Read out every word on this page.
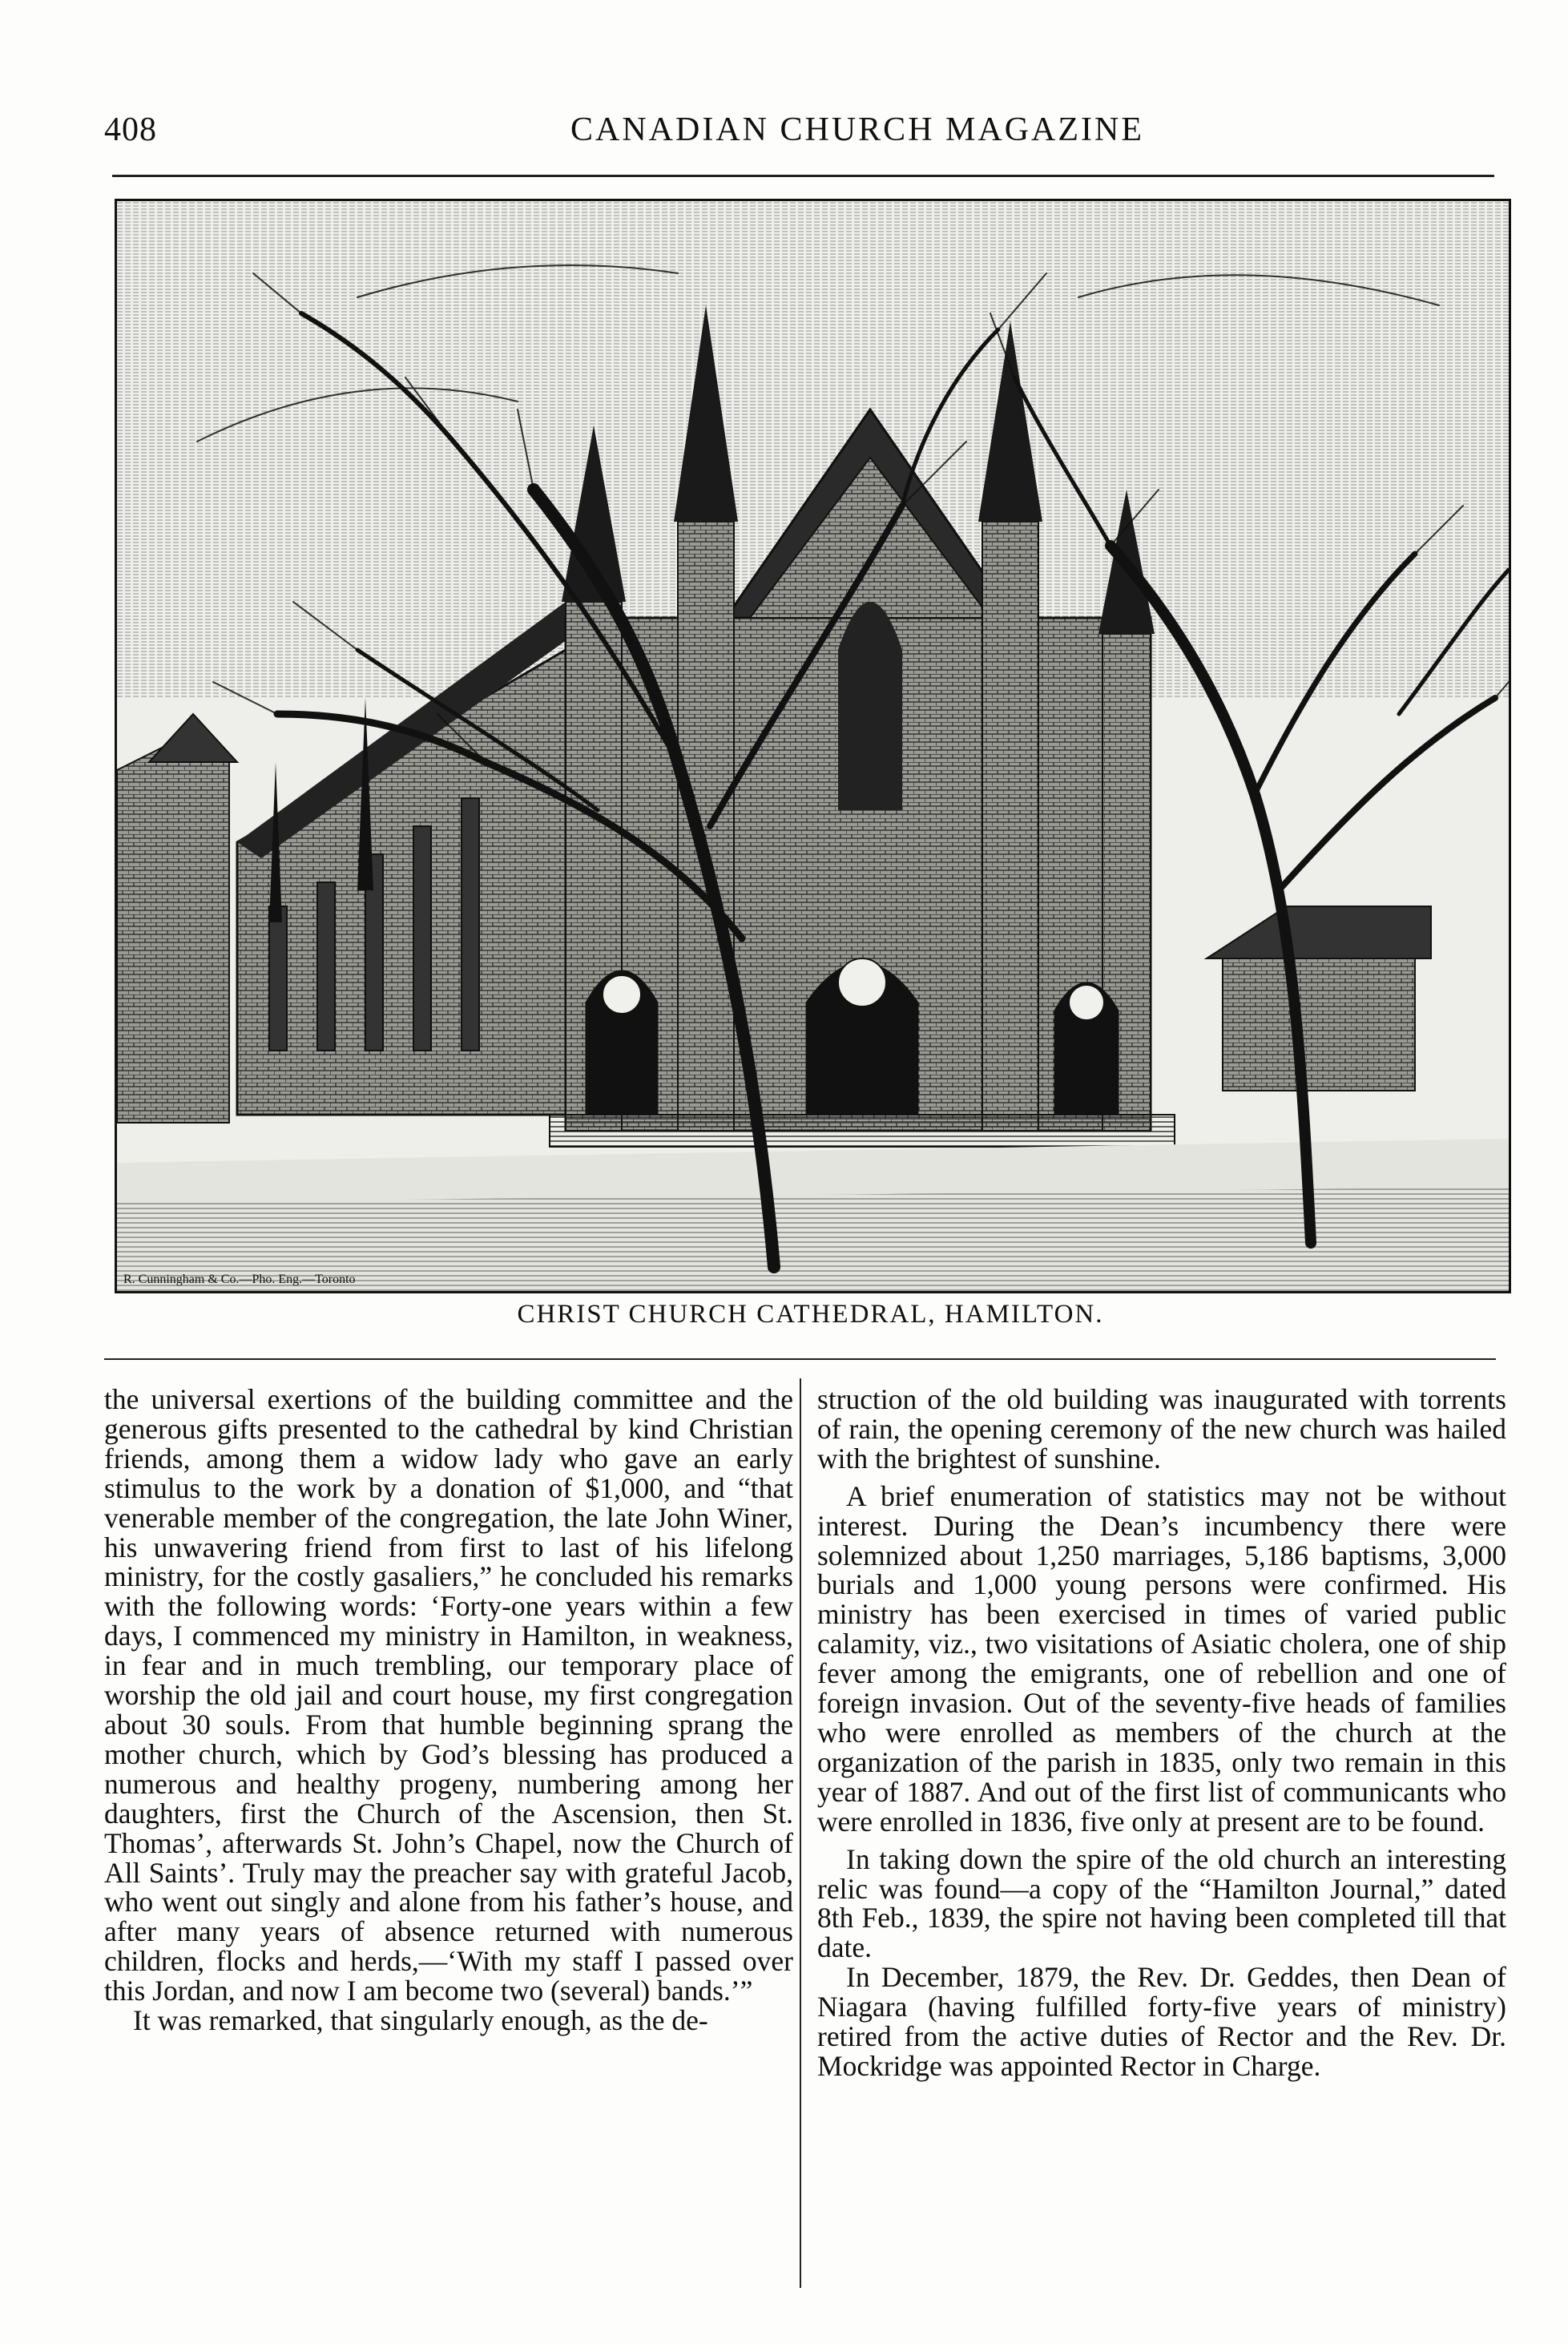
408	CANADIAN CHURCH MAGAZINE
R. Cunningham & Co.—Pho. Eng.—Toronto
CHRIST CHURCH CATHEDRAL, HAMILTON.

the universal exertions of the building committee and the generous gifts presented to the cathedral by kind Christian friends, among them a widow lady who gave an early stimulus to the work by a donation of $1,000, and “that venerable member of the congregation, the late John Winer, his unwavering friend from first to last of his lifelong ministry, for the costly gasaliers,” he concluded his remarks with the following words: ‘Forty-one years within a few days, I commenced my ministry in Hamilton, in weakness, in fear and in much trembling, our temporary place of worship the old jail and court house, my first congregation about 30 souls. From that humble beginning sprang the mother church, which by God’s blessing has produced a numerous and healthy progeny, numbering among her daughters, first the Church of the Ascension, then St. Thomas’, afterwards St. John’s Chapel, now the Church of All Saints’. Truly may the preacher say with grateful Jacob, who went out singly and alone from his father’s house, and after many years of absence returned with numerous children, flocks and herds,—‘With my staff I passed over this Jordan, and now I am become two (several) bands.’”

It was remarked, that singularly enough, as the de-

struction of the old building was inaugurated with torrents of rain, the opening ceremony of the new church was hailed with the brightest of sunshine.

A brief enumeration of statistics may not be without interest. During the Dean’s incumbency there were solemnized about 1,250 marriages, 5,186 baptisms, 3,000 burials and 1,000 young persons were confirmed. His ministry has been exercised in times of varied public calamity, viz., two visitations of Asiatic cholera, one of ship fever among the emigrants, one of rebellion and one of foreign invasion. Out of the seventy-five heads of families who were enrolled as members of the church at the organization of the parish in 1835, only two remain in this year of 1887. And out of the first list of communicants who were enrolled in 1836, five only at present are to be found.

In taking down the spire of the old church an interesting relic was found—a copy of the “Hamilton Journal,” dated 8th Feb., 1839, the spire not having been completed till that date.

In December, 1879, the Rev. Dr. Geddes, then Dean of Niagara (having fulfilled forty-five years of ministry) retired from the active duties of Rector and the Rev. Dr. Mockridge was appointed Rector in Charge.
